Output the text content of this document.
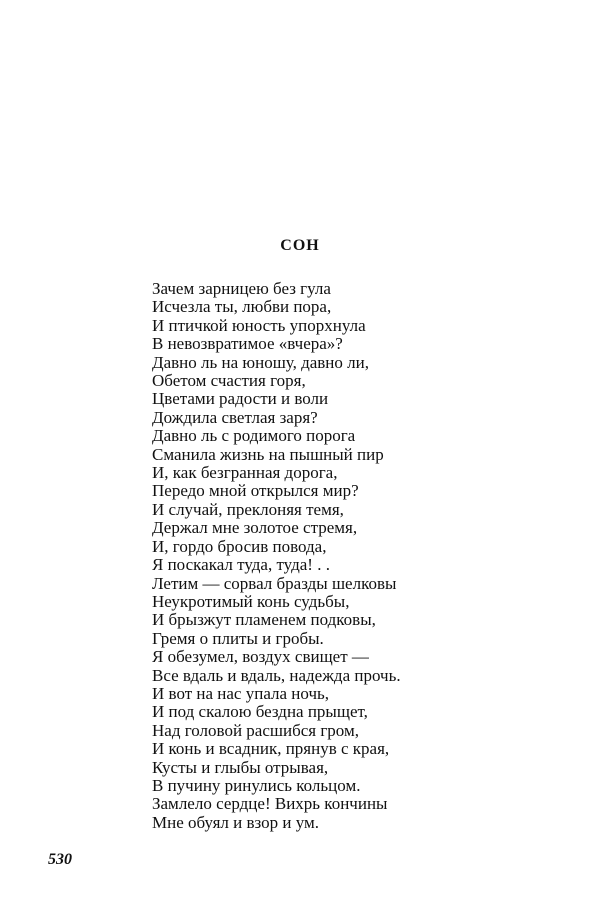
СОН
Зачем зарницею без гула
Исчезла ты, любви пора,
И птичкой юность упорхнула
В невозвратимое «вчера»?
Давно ль на юношу, давно ли,
Обетом счастия горя,
Цветами радости и воли
Дождила светлая заря?
Давно ль с родимого порога
Сманила жизнь на пышный пир
И, как безгранная дорога,
Передо мной открылся мир?
И случай, преклоняя темя,
Держал мне золотое стремя,
И, гордо бросив повода,
Я поскакал туда, туда! . .
Летим — сорвал бразды шелковы
Неукротимый конь судьбы,
И брызжут пламенем подковы,
Гремя о плиты и гробы.
Я обезумел, воздух свищет —
Все вдаль и вдаль, надежда прочь.
И вот на нас упала ночь,
И под скалою бездна прыщет,
Над головой расшибся гром,
И конь и всадник, прянув с края,
Кусты и глыбы отрывая,
В пучину ринулись кольцом.
Замлело сердце! Вихрь кончины
Мне обуял и взор и ум.
530
